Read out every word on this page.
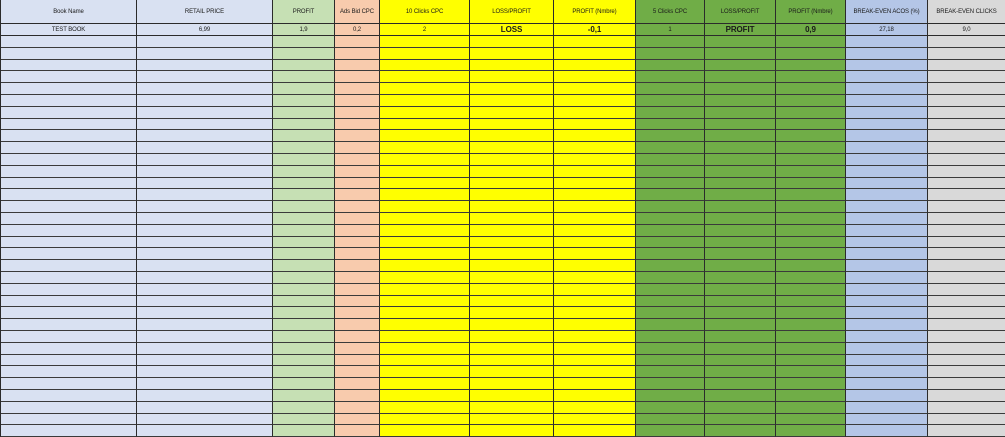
Book Name	RETAIL PRICE	PROFIT	Ads Bid CPC	10 Clicks CPC	LOSS/PROFIT	PROFIT (Nmbre)	5 Clicks CPC	LOSS/PROFIT	PROFIT (Nmbre)	BREAK-EVEN ACOS (%)	BREAK-EVEN CLICKS
TEST BOOK	6,99	1,9	0,2	2	LOSS	-0,1	1	PROFIT	0,9	27,18	9,0
